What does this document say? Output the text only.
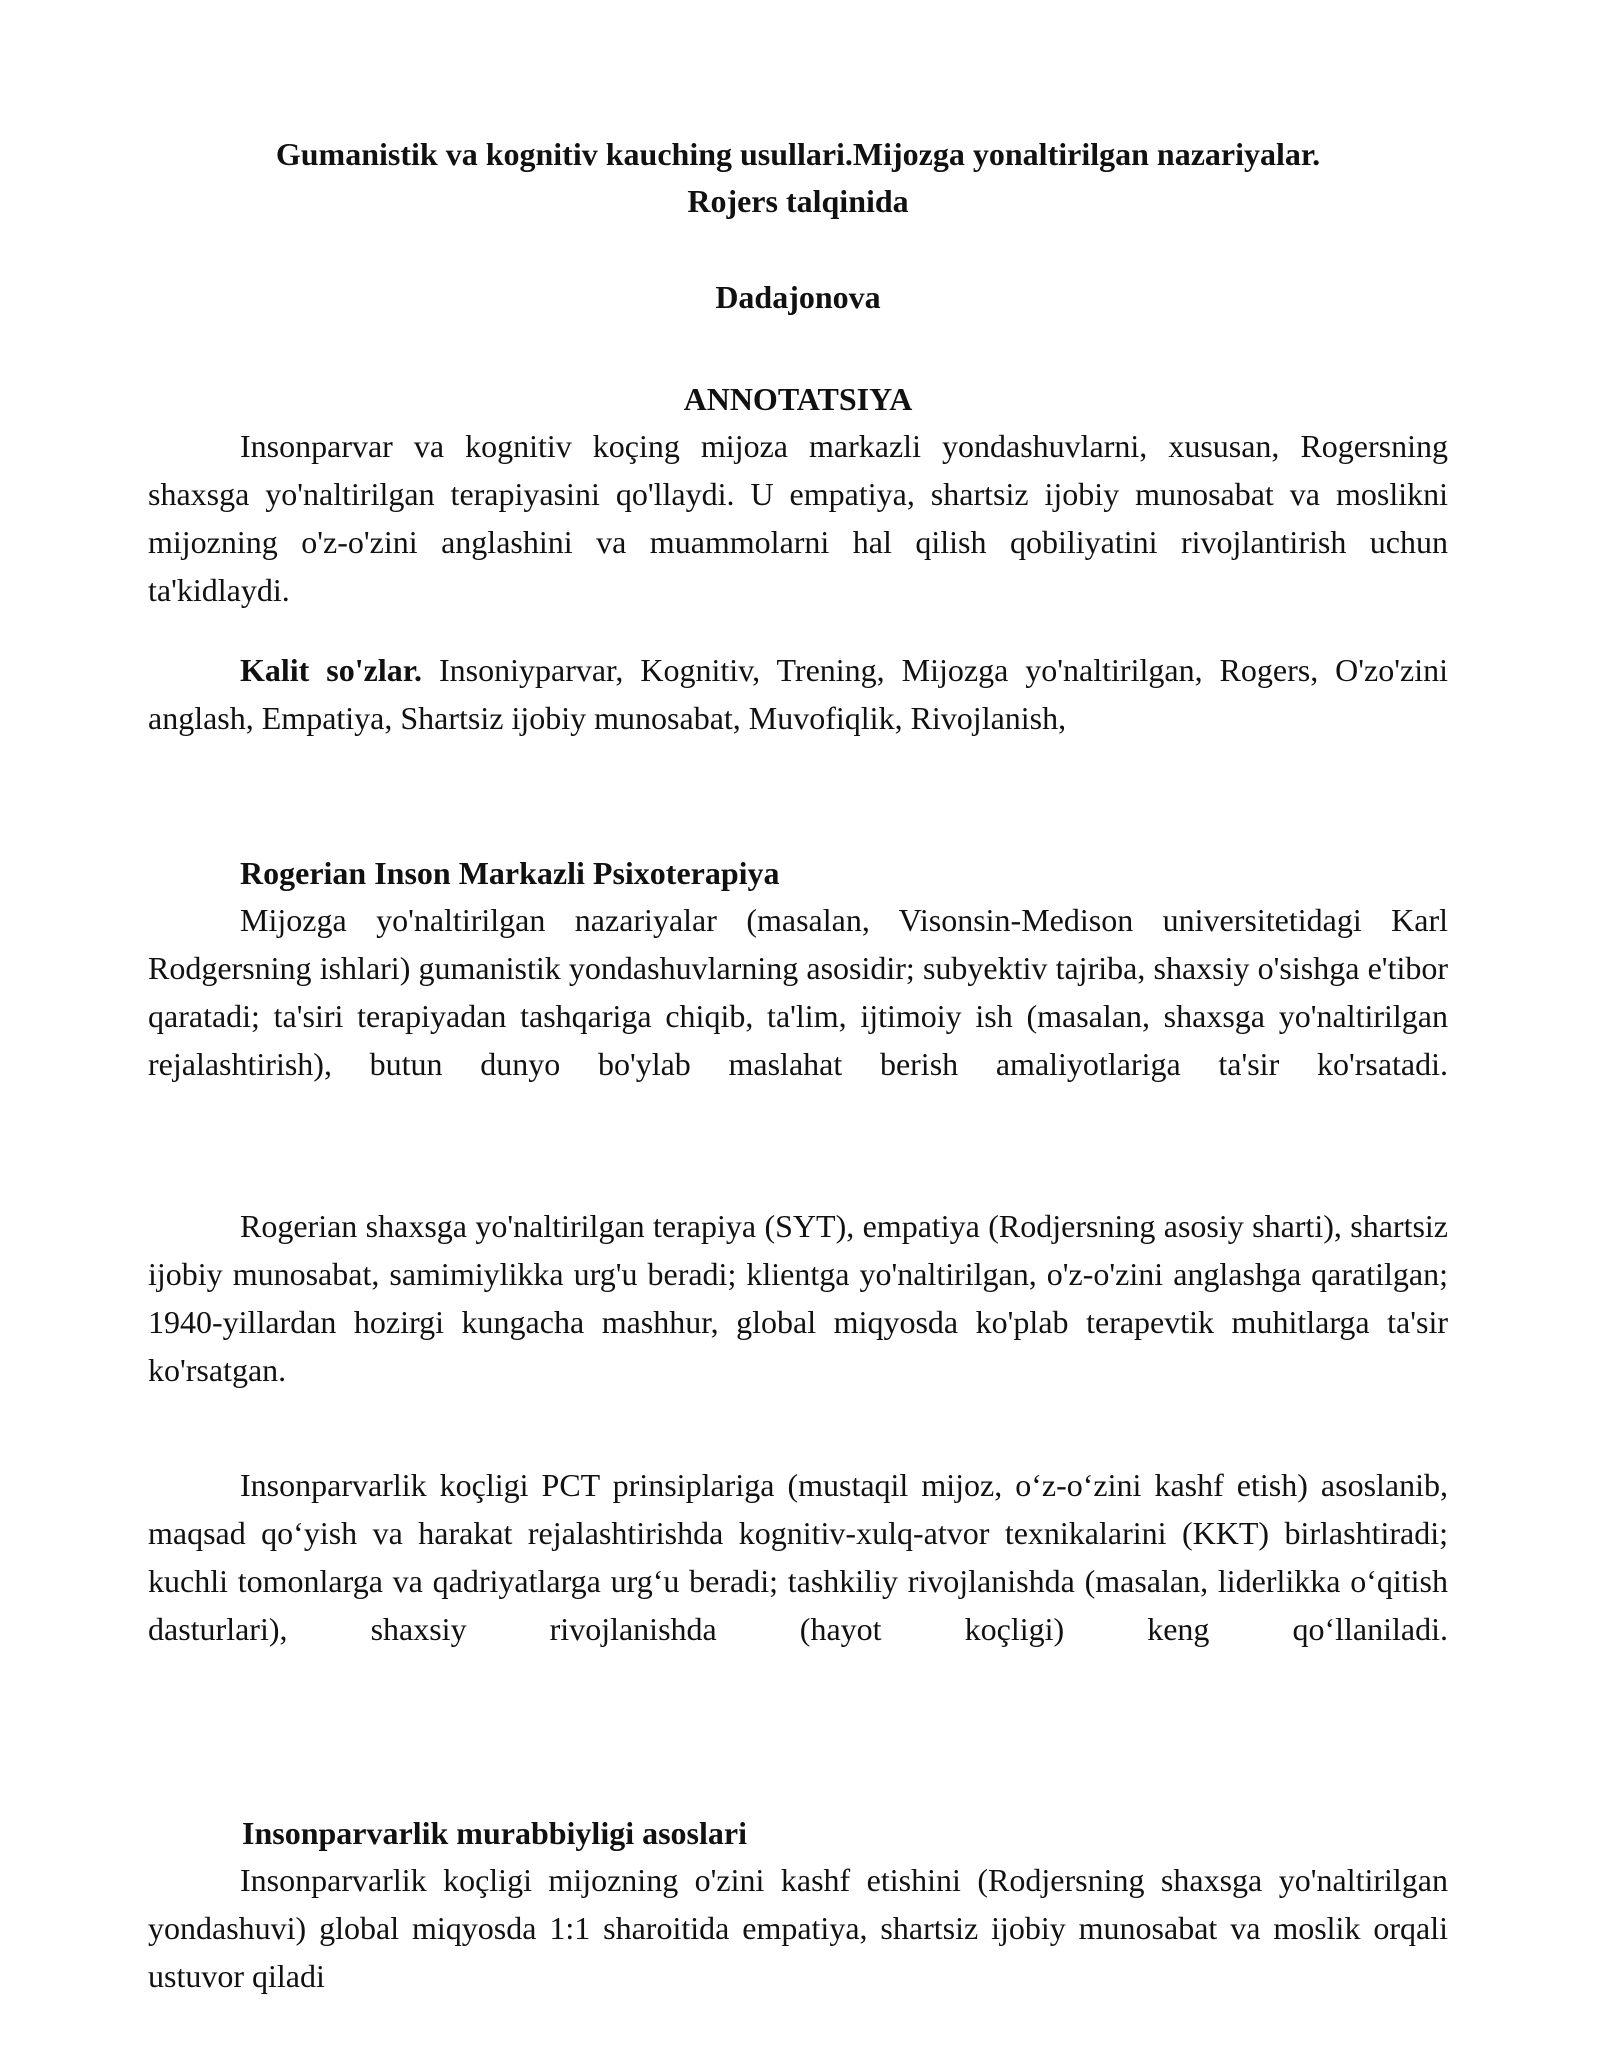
Gumanistik va kognitiv kauching usullari.Mijozga yonaltirilgan nazariyalar.
Rojers talqinida
Dadajonova
ANNOTATSIYA

Insonparvar va kognitiv koçing mijoza markazli yondashuvlarni, xususan, Rogersning shaxsga yo'naltirilgan terapiyasini qo'llaydi. U empatiya, shartsiz ijobiy munosabat va moslikni mijozning o'z-o'zini anglashini va muammolarni hal qilish qobiliyatini rivojlantirish uchun ta'kidlaydi.

Kalit so'zlar. Insoniyparvar, Kognitiv, Trening, Mijozga yo'naltirilgan, Rogers, O'zo'zini anglash, Empatiya, Shartsiz ijobiy munosabat, Muvofiqlik, Rivojlanish,

Rogerian Inson Markazli Psixoterapiya

Mijozga yo'naltirilgan nazariyalar (masalan, Visonsin-Medison universitetidagi Karl Rodgersning ishlari) gumanistik yondashuvlarning asosidir; subyektiv tajriba, shaxsiy o'sishga e'tibor qaratadi; ta'siri terapiyadan tashqariga chiqib, ta'lim, ijtimoiy ish (masalan, shaxsga yo'naltirilgan rejalashtirish), butun dunyo bo'ylab maslahat berish amaliyotlariga ta'sir ko'rsatadi.

Rogerian shaxsga yo'naltirilgan terapiya (SYT), empatiya (Rodjersning asosiy sharti), shartsiz ijobiy munosabat, samimiylikka urg'u beradi; klientga yo'naltirilgan, o'z-o'zini anglashga qaratilgan; 1940-yillardan hozirgi kungacha mashhur, global miqyosda ko'plab terapevtik muhitlarga ta'sir ko'rsatgan.

Insonparvarlik koçligi PCT prinsiplariga (mustaqil mijoz, o‘z-o‘zini kashf etish) asoslanib, maqsad qo‘yish va harakat rejalashtirishda kognitiv-xulq-atvor texnikalarini (KKT) birlashtiradi; kuchli tomonlarga va qadriyatlarga urg‘u beradi; tashkiliy rivojlanishda (masalan, liderlikka o‘qitish dasturlari), shaxsiy rivojlanishda (hayot koçligi) keng qo‘llaniladi.

Insonparvarlik murabbiyligi asoslari

Insonparvarlik koçligi mijozning o'zini kashf etishini (Rodjersning shaxsga yo'naltirilgan yondashuvi) global miqyosda 1:1 sharoitida empatiya, shartsiz ijobiy munosabat va moslik orqali ustuvor qiladi
